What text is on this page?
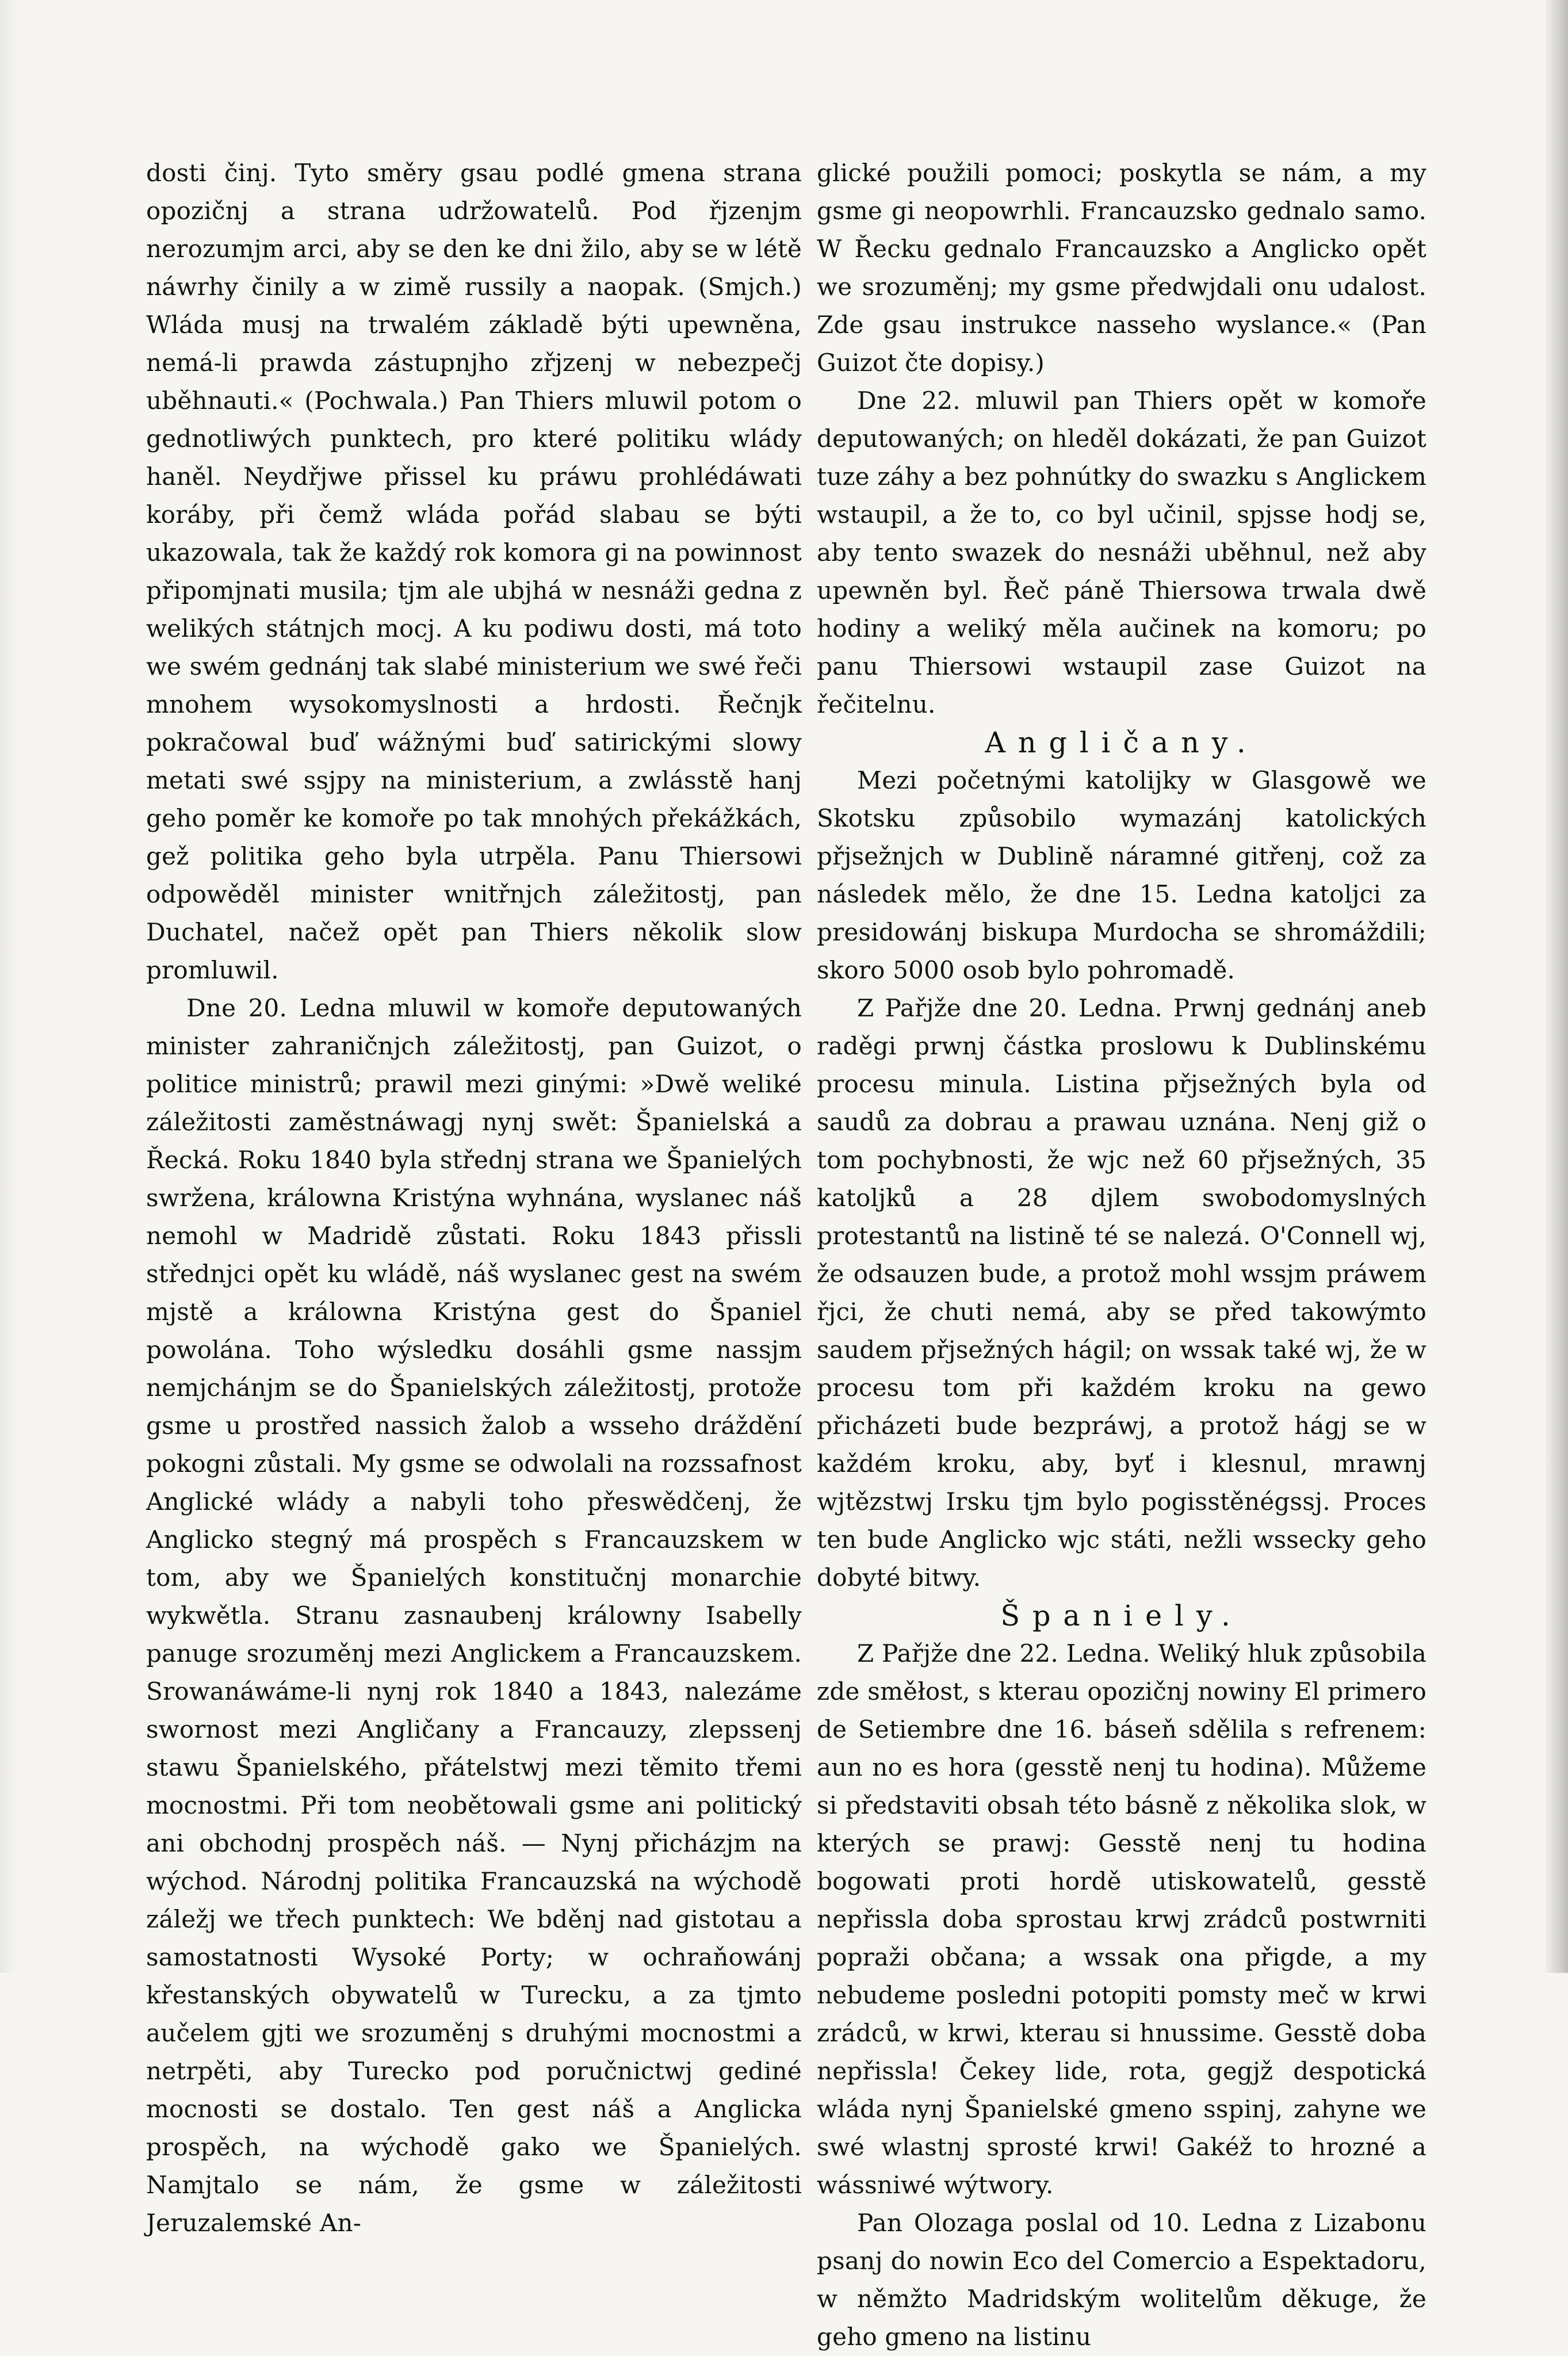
dosti činj. Tyto směry gsau podlé gmena strana opozičnj a strana udržowatelů. Pod řjzenjm nerozumjm arci, aby se den ke dni žilo, aby se w létě náwrhy činily a w zimě russily a naopak. (Smjch.) Wláda musj na trwalém základě býti upewněna, nemá-li prawda zástupnjho zřjzenj w nebezpečj uběhnauti.« (Pochwala.) Pan Thiers mluwil potom o gednotliwých punktech, pro které politiku wlády haněl. Neydřjwe přissel ku práwu prohlédáwati koráby, při čemž wláda pořád slabau se býti ukazowala, tak že každý rok komora gi na powinnost připomjnati musila; tjm ale ubjhá w nesnáži gedna z welikých státnjch mocj. A ku podiwu dosti, má toto we swém gednánj tak slabé ministerium we swé řeči mnohem wysokomyslnosti a hrdosti. Řečnjk pokračowal buď wážnými buď satirickými slowy metati swé ssjpy na ministerium, a zwlásstě hanj geho poměr ke komoře po tak mnohých překážkách, gež politika geho byla utrpěla. Panu Thiersowi odpowěděl minister wnitřnjch záležitostj, pan Duchatel, načež opět pan Thiers několik slow promluwil.

Dne 20. Ledna mluwil w komoře deputowaných minister zahraničnjch záležitostj, pan Guizot, o politice ministrů; prawil mezi ginými: »Dwě weliké záležitosti zaměstnáwagj nynj swět: Španielská a Řecká. Roku 1840 byla střednj strana we Španielých swržena, králowna Kristýna wyhnána, wyslanec náš nemohl w Madridě zůstati. Roku 1843 přissli střednjci opět ku wládě, náš wyslanec gest na swém mjstě a králowna Kristýna gest do Španiel powolána. Toho wýsledku dosáhli gsme nassjm nemjchánjm se do Španielských záležitostj, protože gsme u prostřed nassich žalob a wsseho dráždění pokogni zůstali. My gsme se odwolali na rozssafnost Anglické wlády a nabyli toho přeswědčenj, že Anglicko stegný má prospěch s Francauzskem w tom, aby we Španielých konstitučnj monarchie wykwětla. Stranu zasnaubenj králowny Isabelly panuge srozuměnj mezi Anglickem a Francauzskem. Srowanáwáme-li nynj rok 1840 a 1843, nalezáme swornost mezi Angličany a Francauzy, zlepssenj stawu Španielského, přátelstwj mezi těmito třemi mocnostmi. Při tom neobětowali gsme ani politický ani obchodnj prospěch náš. — Nynj přicházjm na wýchod. Národnj politika Francauzská na wýchodě záležj we třech punktech: We bděnj nad gistotau a samostatnosti Wysoké Porty; w ochraňowánj křestanských obywatelů w Turecku, a za tjmto aučelem gjti we srozuměnj s druhými mocnostmi a netrpěti, aby Turecko pod poručnictwj gediné mocnosti se dostalo. Ten gest náš a Anglicka prospěch, na wýchodě gako we Španielých. Namjtalo se nám, že gsme w záležitosti Jeruzalemské An-

glické použili pomoci; poskytla se nám, a my gsme gi neopowrhli. Francauzsko gednalo samo. W Řecku gednalo Francauzsko a Anglicko opět we srozuměnj; my gsme předwjdali onu udalost. Zde gsau instrukce nasseho wyslance.« (Pan Guizot čte dopisy.)

Dne 22. mluwil pan Thiers opět w komoře deputowaných; on hleděl dokázati, že pan Guizot tuze záhy a bez pohnútky do swazku s Anglickem wstaupil, a že to, co byl učinil, spjsse hodj se, aby tento swazek do nesnáži uběhnul, než aby upewněn byl. Řeč páně Thiersowa trwala dwě hodiny a weliký měla aučinek na komoru; po panu Thiersowi wstaupil zase Guizot na řečitelnu.

Angličany.

Mezi početnými katolijky w Glasgowě we Skotsku způsobilo wymazánj katolických přjsežnjch w Dublině náramné gitřenj, což za následek mělo, že dne 15. Ledna katoljci za presidowánj biskupa Murdocha se shromáždili; skoro 5000 osob bylo pohromadě.

Z Pařjže dne 20. Ledna. Prwnj gednánj aneb raděgi prwnj částka proslowu k Dublinskému procesu minula. Listina přjsežných byla od saudů za dobrau a prawau uznána. Nenj giž o tom pochybnosti, že wjc než 60 přjsežných, 35 katoljků a 28 djlem swobodomyslných protestantů na listině té se nalezá. O'Connell wj, že odsauzen bude, a protož mohl wssjm práwem řjci, že chuti nemá, aby se před takowýmto saudem přjsežných hágil; on wssak také wj, že w procesu tom při každém kroku na gewo přicházeti bude bezpráwj, a protož hágj se w každém kroku, aby, byť i klesnul, mrawnj wjtězstwj Irsku tjm bylo pogisstěnégssj. Proces ten bude Anglicko wjc státi, nežli wssecky geho dobyté bitwy.

Španiely.

Z Pařjže dne 22. Ledna. Weliký hluk způsobila zde směłost, s kterau opozičnj nowiny El primero de Setiembre dne 16. báseň sdělila s refrenem: aun no es hora (gesstě nenj tu hodina). Můžeme si představiti obsah této básně z několika slok, w kterých se prawj: Gesstě nenj tu hodina bogowati proti hordě utiskowatelů, gesstě nepřissla doba sprostau krwj zrádců postwrniti popraži občana; a wssak ona přigde, a my nebudeme posledni potopiti pomsty meč w krwi zrádců, w krwi, kterau si hnussime. Gesstě doba nepřissla! Čekey lide, rota, gegjž despotická wláda nynj Španielské gmeno sspinj, zahyne we swé wlastnj sprosté krwi! Gakéž to hrozné a wássniwé wýtwory.

Pan Olozaga poslal od 10. Ledna z Lizabonu psanj do nowin Eco del Comercio a Espektadoru, w němžto Madridským wolitelům děkuge, že geho gmeno na listinu
